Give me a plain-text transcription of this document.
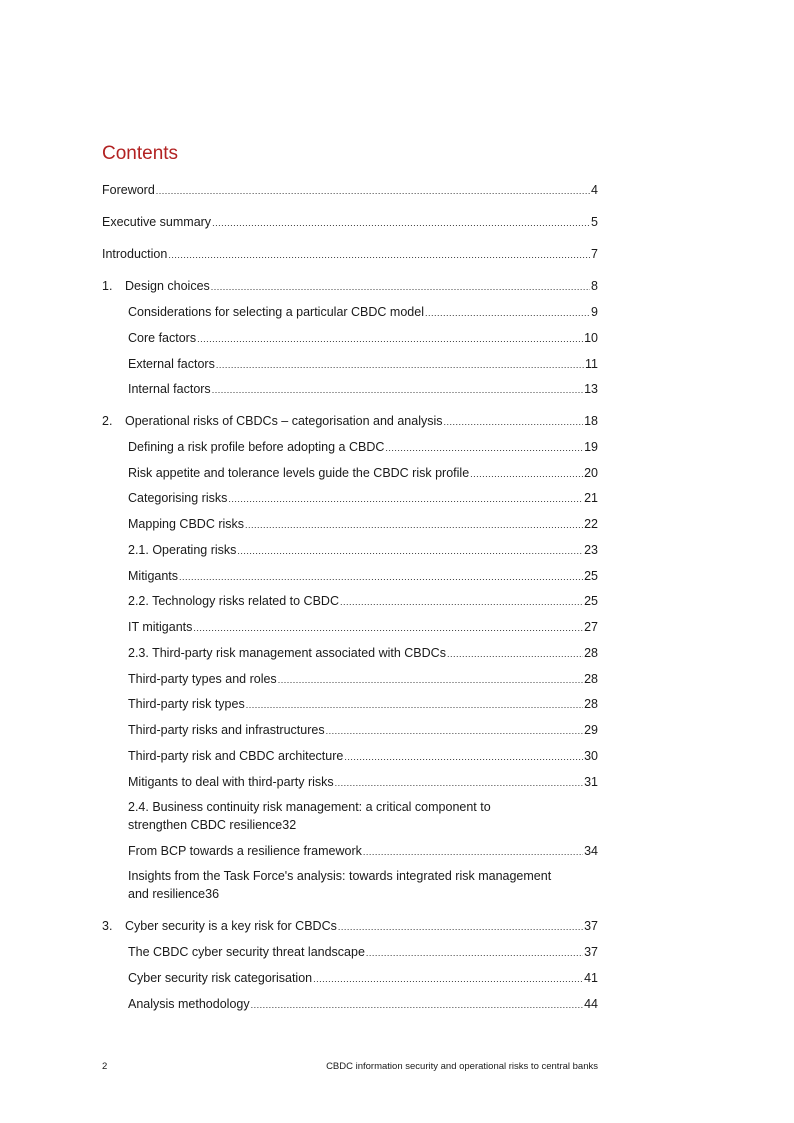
Contents
Foreword .....	4
Executive summary .....	5
Introduction .....	7
1.	Design choices .....	8
Considerations for selecting a particular CBDC model .....	9
Core factors .....	10
External factors .....	11
Internal factors .....	13
2.	Operational risks of CBDCs – categorisation and analysis .....	18
Defining a risk profile before adopting a CBDC .....	19
Risk appetite and tolerance levels guide the CBDC risk profile .....	20
Categorising risks .....	21
Mapping CBDC risks .....	22
2.1. Operating risks .....	23
Mitigants .....	25
2.2. Technology risks related to CBDC .....	25
IT mitigants .....	27
2.3. Third-party risk management associated with CBDCs .....	28
Third-party types and roles .....	28
Third-party risk types .....	28
Third-party risks and infrastructures .....	29
Third-party risk and CBDC architecture .....	30
Mitigants to deal with third-party risks .....	31
2.4. Business continuity risk management: a critical component to
strengthen CBDC resilience 32
From BCP towards a resilience framework .....	34
Insights from the Task Force's analysis: towards integrated risk management
and resilience 36
3.	Cyber security is a key risk for CBDCs .....	37
The CBDC cyber security threat landscape .....	37
Cyber security risk categorisation .....	41
Analysis methodology .....	44
2	CBDC information security and operational risks to central banks
